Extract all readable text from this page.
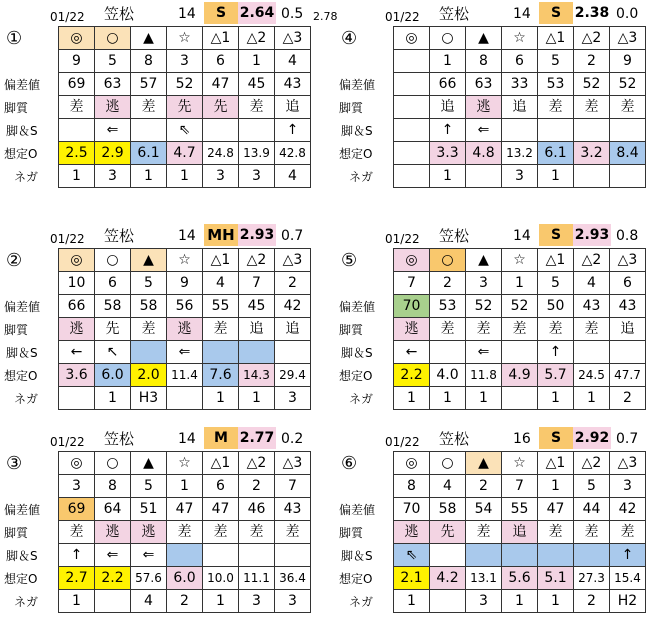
01/22 笠松	14	S 2.64 0.5 2.78
①
偏差値
脚質
脚＆S
想定O
ネガ
◎	○	▲	☆	△1	△2	△3
9	5	8	3	6	1	4
69	63	57	52	47	45	43
差	逃	差	先	先	差	追
	⇐		⇖			↑
2.5	2.9	6.1	4.7	24.8	13.9	42.8
1	3	1	1	3	3	4
01/22 笠松	14	S 2.38 0.0
④
偏差値
脚質
脚＆S
想定O
ネガ
◎	○	▲	☆	△1	△2	△3
	1	8	6	5	2	9
	66	63	33	53	52	52
	追	逃	追	差	差	差
	↑	⇐				
	3.3	4.8	13.2	6.1	3.2	8.4
	1		3	1		
01/22 笠松	14 MH 2.93 0.7
②
偏差値
脚質
脚＆S
想定O
ネガ
◎	○	▲	☆	△1	△2	△3
10	6	5	9	4	7	2
66	58	58	56	55	45	42
逃	先	差	逃	差	追	追
←	↖		⇐			
3.6	6.0	2.0	11.4	7.6	14.3	29.4
	1	H3		1	1	3
01/22 笠松	14	S 2.93 0.8
⑤
偏差値
脚質
脚＆S
想定O
ネガ
◎	○	▲	☆	△1	△2	△3
7	2	3	1	5	4	6
70	53	52	52	50	43	43
逃	差	差	差	差	差	追
←		⇐		↑		
2.2	4.0	11.8	4.9	5.7	24.5	47.7
1	1	1		1	1	2
01/22 笠松	14	M 2.77 0.2
③
偏差値
脚質
脚＆S
想定O
ネガ
◎	○	▲	☆	△1	△2	△3
3	8	5	1	6	2	7
69	64	51	47	47	46	43
差	逃	逃	差	差	差	差
↑	⇐	⇐				
2.7	2.2	57.6	6.0	10.0	11.1	36.4
1		4	2	1	3	3
01/22 笠松	16	S 2.92 0.7
⑥
偏差値
脚質
脚＆S
想定O
ネガ
◎	○	▲	☆	△1	△2	△3
8	4	2	7	1	5	3
70	58	54	55	47	44	42
逃	先	差	追	差	差	差
⇖						↑
2.1	4.2	13.1	5.6	5.1	27.3	15.4
1		3	1	1	2	H2
